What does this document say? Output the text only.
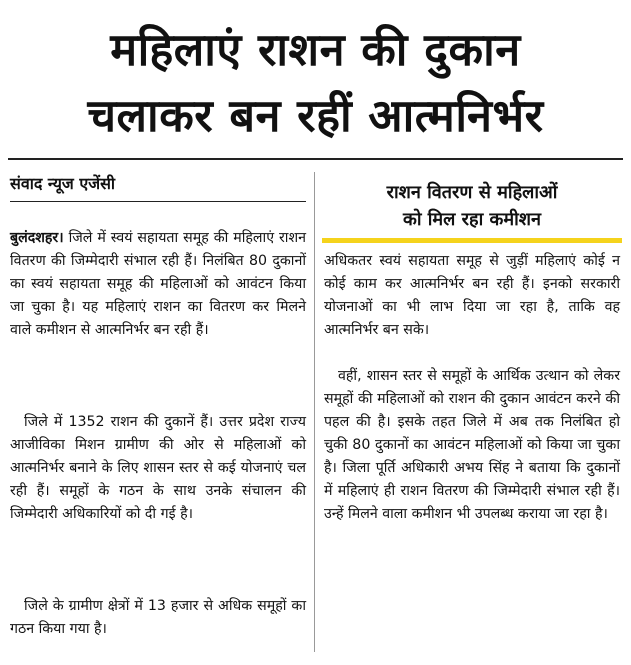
महिलाएं राशन की दुकान
चलाकर बन रहीं आत्मनिर्भर
संवाद न्यूज एजेंसी	राशन वितरण से महिलाओं
को मिल रहा कमीशन

बुलंदशहर। जिले में स्वयं सहायता समूह की महिलाएं राशन वितरण की जिम्मेदारी संभाल रही हैं। निलंबित 80 दुकानों का स्वयं सहायता समूह की महिलाओं को आवंटन किया जा चुका है। यह महिलाएं राशन का वितरण कर मिलने वाले कमीशन से आत्मनिर्भर बन रही हैं।

जिले में 1352 राशन की दुकानें हैं। उत्तर प्रदेश राज्य आजीविका मिशन ग्रामीण की ओर से महिलाओं को आत्मनिर्भर बनाने के लिए शासन स्तर से कई योजनाएं चल रही हैं। समूहों के गठन के साथ उनके संचालन की जिम्मेदारी अधिकारियों को दी गई है।

जिले के ग्रामीण क्षेत्रों में 13 हजार से अधिक समूहों का गठन किया गया है।

अधिकतर स्वयं सहायता समूह से जुड़ीं महिलाएं कोई न कोई काम कर आत्मनिर्भर बन रही हैं। इनको सरकारी योजनाओं का भी लाभ दिया जा रहा है, ताकि वह आत्मनिर्भर बन सके।

वहीं, शासन स्तर से समूहों के आर्थिक उत्थान को लेकर समूहों की महिलाओं को राशन की दुकान आवंटन करने की पहल की है। इसके तहत जिले में अब तक निलंबित हो चुकी 80 दुकानों का आवंटन महिलाओं को किया जा चुका है। जिला पूर्ति अधिकारी अभय सिंह ने बताया कि दुकानों में महिलाएं ही राशन वितरण की जिम्मेदारी संभाल रही हैं। उन्हें मिलने वाला कमीशन भी उपलब्ध कराया जा रहा है।
